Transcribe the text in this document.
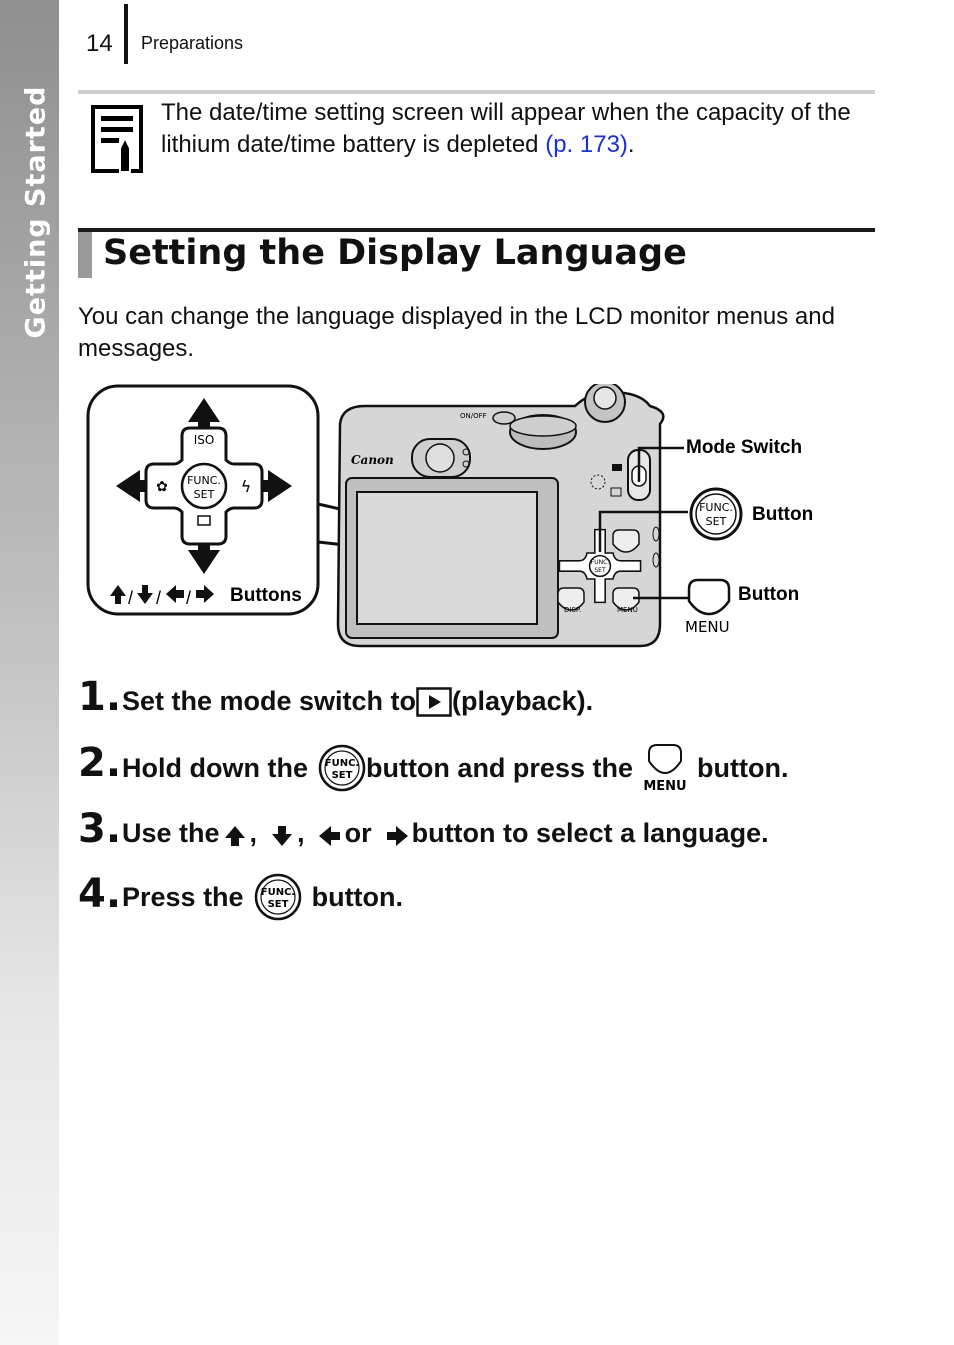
Getting Started
14 Preparations
The date/time setting screen will appear when the capacity of the lithium date/time battery is depleted (p. 173).
Setting the Display Language
You can change the language displayed in the LCD monitor menus and messages.
FUNC.
SET
ISO
✿	ϟ
/ / / Buttons
ON/OFF
Canon
FUNC.
SET
DISP.	MENU
Mode Switch
FUNC.
SET Button
MENU
Button
1. Set the mode switch to (playback).
2. Hold down the FUNC.
SET button and press the
MENU
button.
3. Use the , , or button to select a language.
4. Press the FUNC.
SET button.
